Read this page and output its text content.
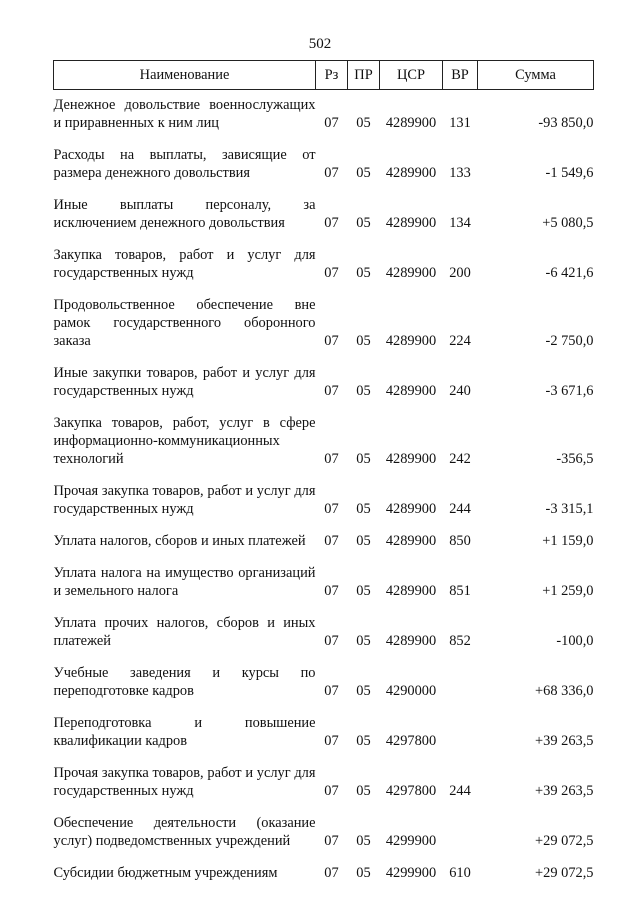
502
Наименование	Рз	ПР	ЦСР	ВР	Сумма
Денежное довольствие военнослужащих и приравненных к ним лиц	07	05	4289900	131	-93 850,0
Расходы на выплаты, зависящие от размера денежного довольствия	07	05	4289900	133	-1 549,6
Иные выплаты персоналу, за исключением денежного довольствия	07	05	4289900	134	+5 080,5
Закупка товаров, работ и услуг для государственных нужд	07	05	4289900	200	-6 421,6
Продовольственное обеспечение вне рамок государственного оборонного заказа	07	05	4289900	224	-2 750,0
Иные закупки товаров, работ и услуг для государственных нужд	07	05	4289900	240	-3 671,6
Закупка товаров, работ, услуг в сфере информационно-коммуникационных технологий	07	05	4289900	242	-356,5
Прочая закупка товаров, работ и услуг для государственных нужд	07	05	4289900	244	-3 315,1
Уплата налогов, сборов и иных платежей	07	05	4289900	850	+1 159,0
Уплата налога на имущество организаций и земельного налога	07	05	4289900	851	+1 259,0
Уплата прочих налогов, сборов и иных платежей	07	05	4289900	852	-100,0
Учебные заведения и курсы по переподготовке кадров	07	05	4290000		+68 336,0
Переподготовка и повышение квалификации кадров	07	05	4297800		+39 263,5
Прочая закупка товаров, работ и услуг для государственных нужд	07	05	4297800	244	+39 263,5
Обеспечение деятельности (оказание услуг) подведомственных учреждений	07	05	4299900		+29 072,5
Субсидии бюджетным учреждениям	07	05	4299900	610	+29 072,5
